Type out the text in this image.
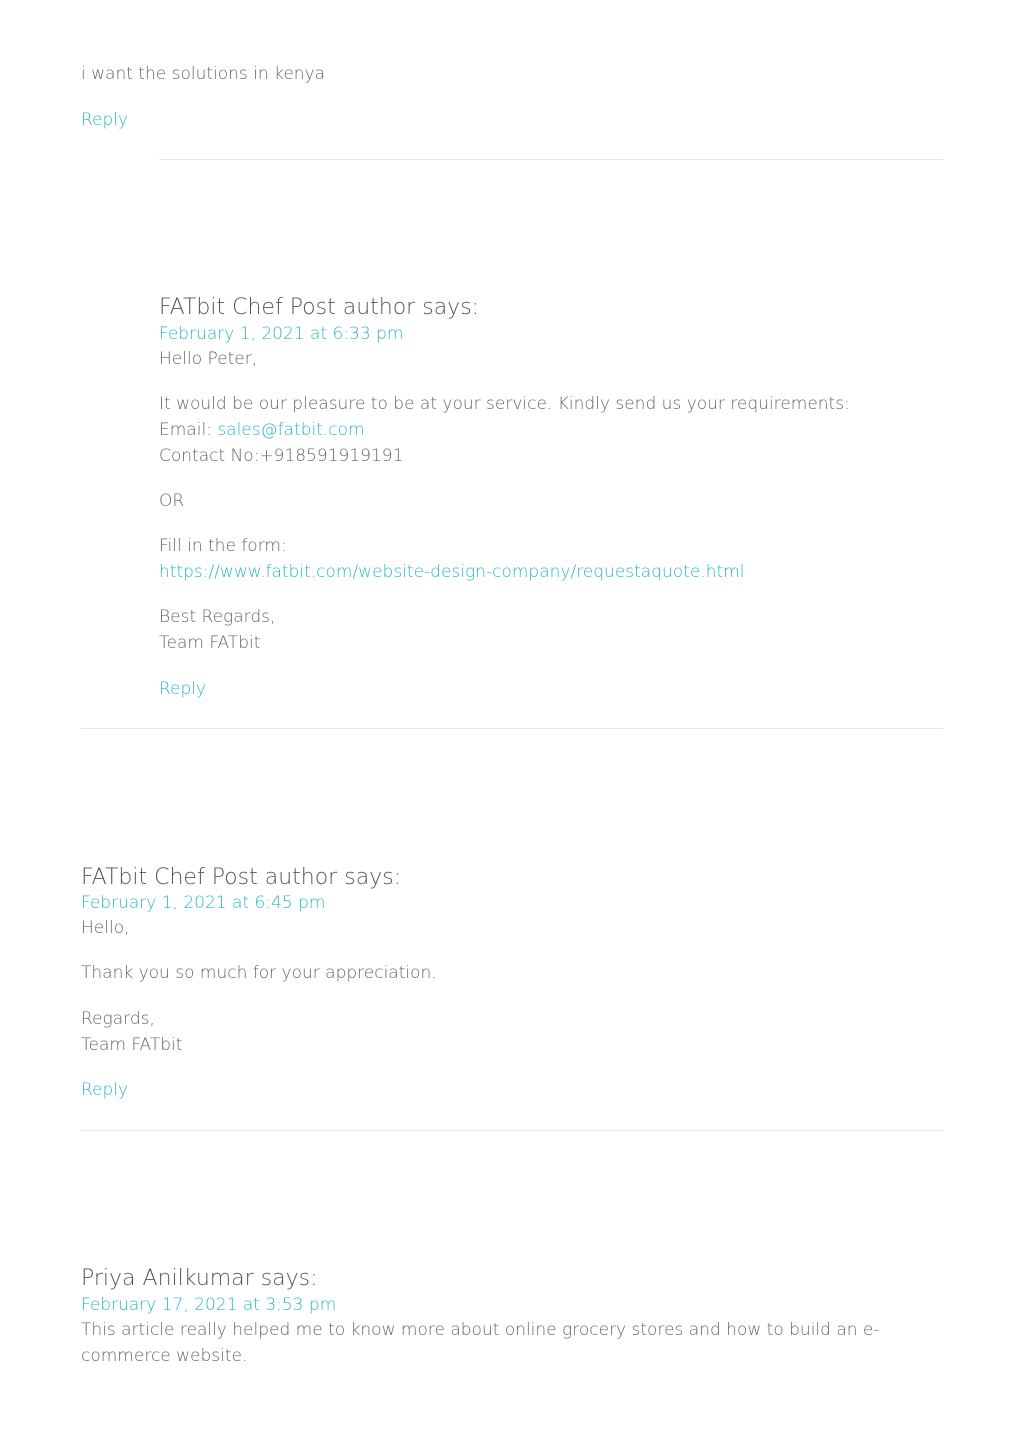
i want the solutions in kenya
Reply
FATbit Chef Post author says:
February 1, 2021 at 6:33 pm
Hello Peter,
It would be our pleasure to be at your service. Kindly send us your requirements:
Email: sales@fatbit.com
Contact No:+918591919191
OR
Fill in the form:
https://www.fatbit.com/website-design-company/requestaquote.html
Best Regards,
Team FATbit
Reply
FATbit Chef Post author says:
February 1, 2021 at 6:45 pm
Hello,
Thank you so much for your appreciation.
Regards,
Team FATbit
Reply
Priya Anilkumar says:
February 17, 2021 at 3:53 pm
This article really helped me to know more about online grocery stores and how to build an e-
commerce website.
